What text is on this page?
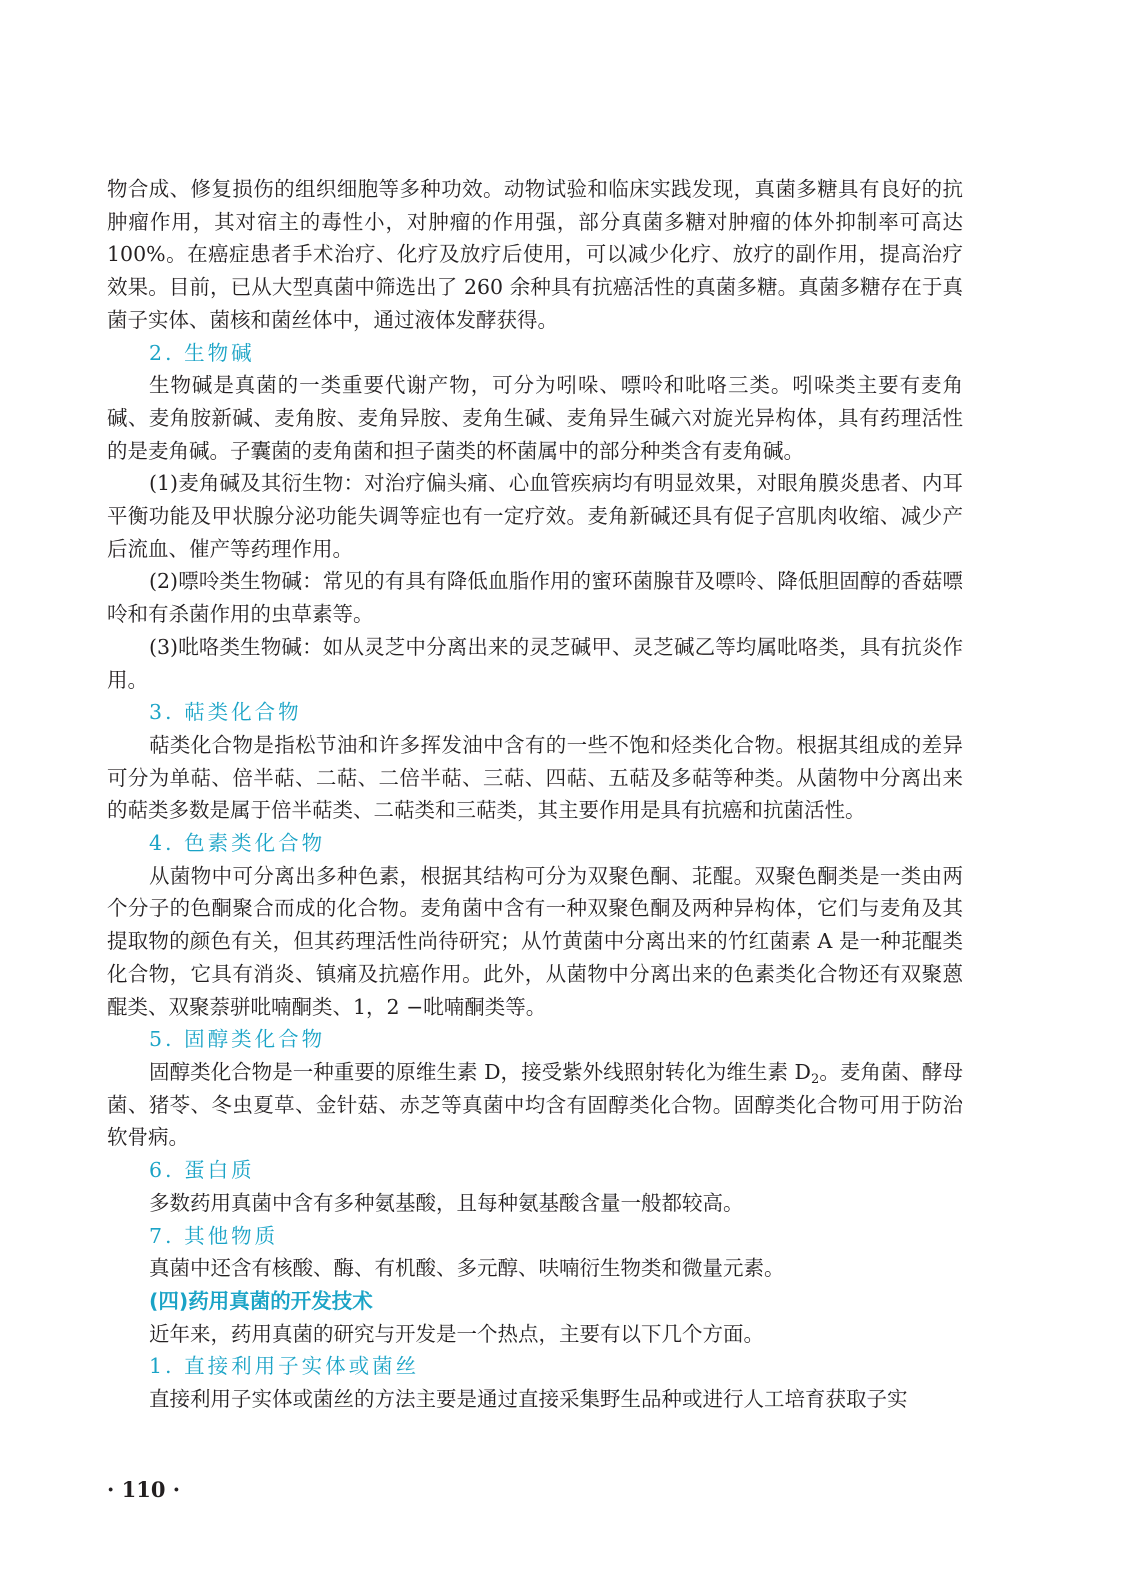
物合成、修复损伤的组织细胞等多种功效。动物试验和临床实践发现，真菌多糖具有良好的抗肿瘤作用，其对宿主的毒性小，对肿瘤的作用强，部分真菌多糖对肿瘤的体外抑制率可高达 100%。在癌症患者手术治疗、化疗及放疗后使用，可以减少化疗、放疗的副作用，提高治疗效果。目前，已从大型真菌中筛选出了 260 余种具有抗癌活性的真菌多糖。真菌多糖存在于真菌子实体、菌核和菌丝体中，通过液体发酵获得。

2. 生物碱

生物碱是真菌的一类重要代谢产物，可分为吲哚、嘌呤和吡咯三类。吲哚类主要有麦角碱、麦角胺新碱、麦角胺、麦角异胺、麦角生碱、麦角异生碱六对旋光异构体，具有药理活性的是麦角碱。子囊菌的麦角菌和担子菌类的杯菌属中的部分种类含有麦角碱。

(1)麦角碱及其衍生物：对治疗偏头痛、心血管疾病均有明显效果，对眼角膜炎患者、内耳平衡功能及甲状腺分泌功能失调等症也有一定疗效。麦角新碱还具有促子宫肌肉收缩、减少产后流血、催产等药理作用。

(2)嘌呤类生物碱：常见的有具有降低血脂作用的蜜环菌腺苷及嘌呤、降低胆固醇的香菇嘌呤和有杀菌作用的虫草素等。

(3)吡咯类生物碱：如从灵芝中分离出来的灵芝碱甲、灵芝碱乙等均属吡咯类，具有抗炎作用。

3. 萜类化合物

萜类化合物是指松节油和许多挥发油中含有的一些不饱和烃类化合物。根据其组成的差异可分为单萜、倍半萜、二萜、二倍半萜、三萜、四萜、五萜及多萜等种类。从菌物中分离出来的萜类多数是属于倍半萜类、二萜类和三萜类，其主要作用是具有抗癌和抗菌活性。

4. 色素类化合物

从菌物中可分离出多种色素，根据其结构可分为双聚色酮、苝醌。双聚色酮类是一类由两个分子的色酮聚合而成的化合物。麦角菌中含有一种双聚色酮及两种异构体，它们与麦角及其提取物的颜色有关，但其药理活性尚待研究；从竹黄菌中分离出来的竹红菌素 A 是一种苝醌类化合物，它具有消炎、镇痛及抗癌作用。此外，从菌物中分离出来的色素类化合物还有双聚蒽醌类、双聚萘骈吡喃酮类、1，2 −吡喃酮类等。

5. 固醇类化合物

固醇类化合物是一种重要的原维生素 D，接受紫外线照射转化为维生素 $D_2$。麦角菌、酵母菌、猪苓、冬虫夏草、金针菇、赤芝等真菌中均含有固醇类化合物。固醇类化合物可用于防治软骨病。

6. 蛋白质

多数药用真菌中含有多种氨基酸，且每种氨基酸含量一般都较高。

7. 其他物质

真菌中还含有核酸、酶、有机酸、多元醇、呋喃衍生物类和微量元素。

(四)药用真菌的开发技术

近年来，药用真菌的研究与开发是一个热点，主要有以下几个方面。

1. 直接利用子实体或菌丝

直接利用子实体或菌丝的方法主要是通过直接采集野生品种或进行人工培育获取子实

· 110 ·
